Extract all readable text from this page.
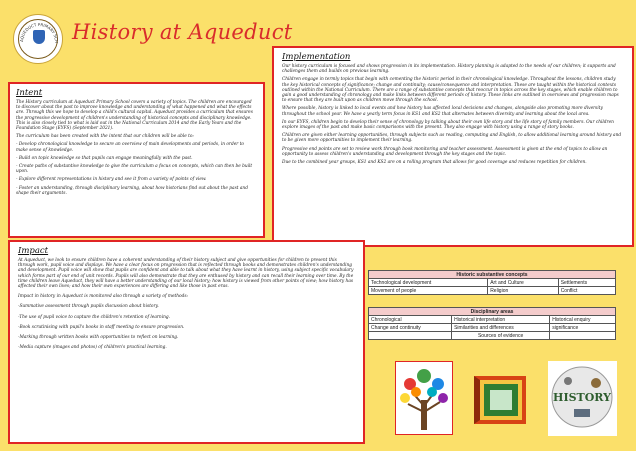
AQUEDUCT PRIMARY SCH History at Aqueduct
Intent

The History curriculum at Aqueduct Primary School covers a variety of topics. The children are encouraged to discover about the past to improve knowledge and understanding of what happened and what the effects are. Through this we hope to develop a child's cultural capital. Aqueduct provides a curriculum that ensures the progressive development of children's understanding of historical concepts and disciplinary knowledge. This is also closely tied to what is laid out in the National Curriculum 2014 and the Early Years and the Foundation Stage (EYFS) (September 2021).

The curriculum has been created with the intent that our children will be able to:

- Develop chronological knowledge to secure an overview of main developments and periods, in order to make sense of knowledge.

- Build on topic knowledge so that pupils can engage meaningfully with the past.

- Create paths of substantive knowledge to give the curriculum a focus on concepts, which can then be built upon.

- Explore different representations in history and see it from a variety of points of view.

- Foster an understanding, through disciplinary learning, about how historians find out about the past and shape their arguments.

Implementation

Our history curriculum is focused and shows progression in its implementation. History planning is adapted to the needs of our children; it supports and challenges them and builds on previous learning.

Children engage in termly topics that begin with cementing the historic period in their chronological knowledge. Throughout the lessons, children study the key historical concepts of significance; change and continuity; cause/consequence and interpretation. These are taught within the historical contexts outlined within the National Curriculum. There are a range of substantive concepts that reoccur in topics across the key stages, which enable children to gain a good understanding of chronology and make links between different periods of history. These links are outlined in overviews and progression maps to ensure that they are built upon as children move through the school.

Where possible, history is linked to local events and how history has affected local decisions and changes, alongside also promoting more diversity throughout the school year. We have a yearly term focus in KS1 and KS2 that alternates between diversity and learning about the local area.

In our EYFS, children begin to develop their sense of chronology by talking about their own life story and the life story of family members. Our children explore images of the past and make basic comparisons with the present. They also engage with history using a range of story books.

Children are given either learning opportunities, through subjects such as reading, computing and English, to allow additional learning around history and to be given more opportunities to implement their learning.

Progressive end points are set to review work through book monitoring and teacher assessment. Assessment is given at the end of topics to allow an opportunity to assess children's understanding and development through the key stages and the topic.

Due to the combined year groups, KS1 and KS2 are on a rolling program that allows for good coverage and reduces repetition for children.

Impact

At Aqueduct, we look to ensure children have a coherent understanding of their history subject and give opportunities for children to present this through work, pupil voice and displays. We have a clear focus on progression that is reflected through books and demonstrates children's understanding and development. Pupil voice will show that pupils are confident and able to talk about what they have learnt in history, using subject specific vocabulary which forms part of our end of unit records. Pupils will also demonstrate that they are enthused by history and can recall their learning over time. By the time children leave Aqueduct, they will have a better understanding of our local history; how history is viewed from other points of view; how history has affected their own lives; and how their own experiences are differing and like those in past eras.

Impact in history in Aqueduct is monitored also through a variety of methods:

-Summative assessment through pupils discussion about history.

-The use of pupil voice to capture the children's retention of learning.

-Book scrutinising with pupil's books in staff meeting to ensure progression.

-Marking through written books with opportunities to reflect on learning.

-Media capture (images and photos) of children's practical learning.

Historic substantive concepts		
Technological development	Art and Culture	Settlements
Movement of people	Religion	Conflict
Disciplinary areas		
Chronological	Historical interpretation	Historical enquiry
Change and continuity	Similarities and differences	significance
	Sources of evidence	
HISTORY
